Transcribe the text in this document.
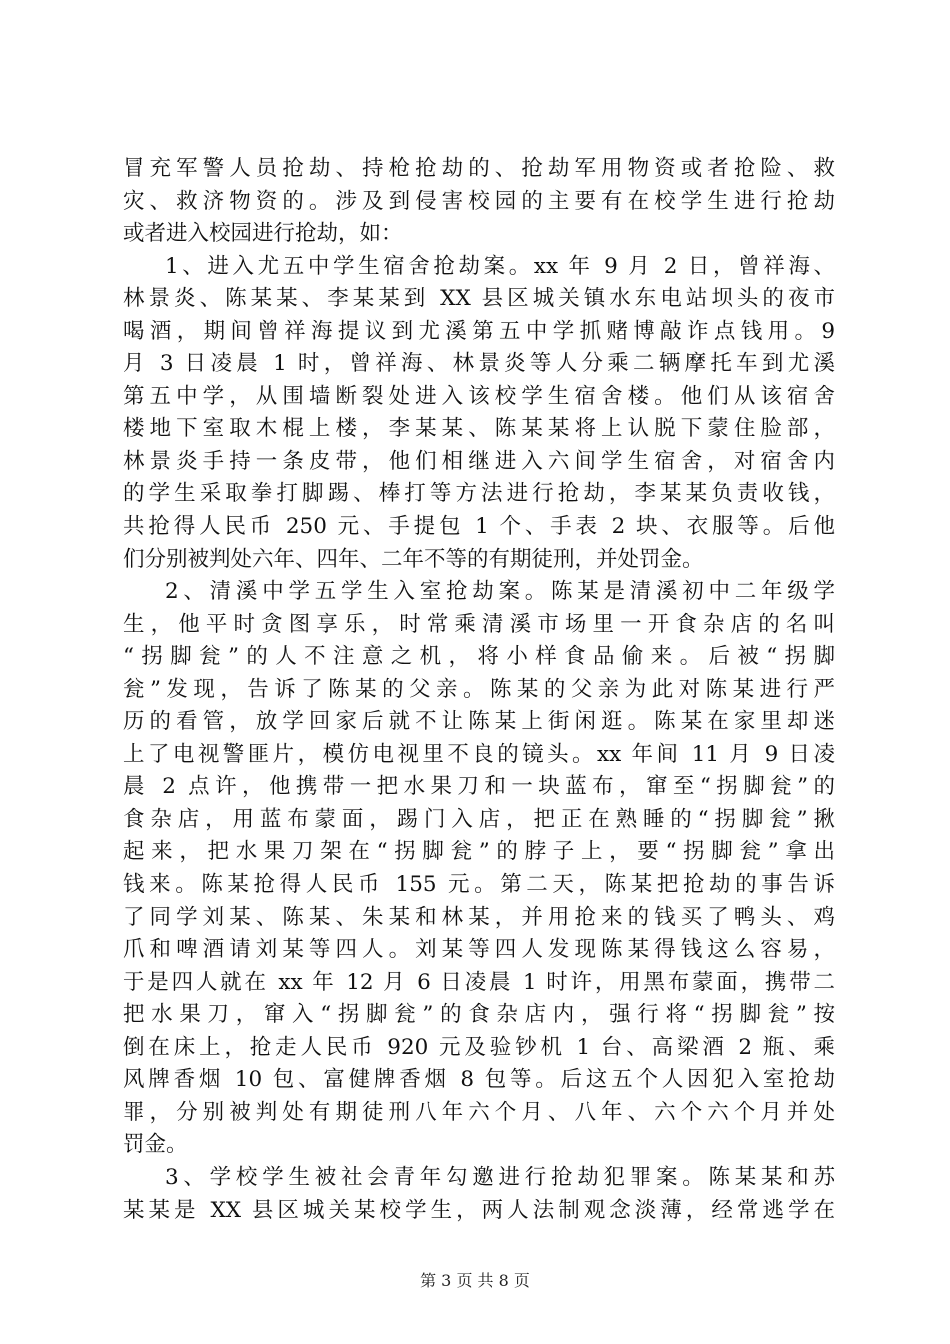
冒充军警人员抢劫、持枪抢劫的、抢劫军用物资或者抢险、救
灾、救济物资的。涉及到侵害校园的主要有在校学生进行抢劫
或者进入校园进行抢劫，如：
1、进入尤五中学生宿舍抢劫案。xx 年 9 月 2 日，曾祥海、
林景炎、陈某某、李某某到 XX 县区城关镇水东电站坝头的夜市
喝酒，期间曾祥海提议到尤溪第五中学抓赌博敲诈点钱用。9
月 3 日凌晨 1 时，曾祥海、林景炎等人分乘二辆摩托车到尤溪
第五中学，从围墙断裂处进入该校学生宿舍楼。他们从该宿舍
楼地下室取木棍上楼，李某某、陈某某将上认脱下蒙住脸部，
林景炎手持一条皮带，他们相继进入六间学生宿舍，对宿舍内
的学生采取拳打脚踢、棒打等方法进行抢劫，李某某负责收钱，
共抢得人民币 250 元、手提包 1 个、手表 2 块、衣服等。后他
们分别被判处六年、四年、二年不等的有期徒刑，并处罚金。
2、清溪中学五学生入室抢劫案。陈某是清溪初中二年级学
生，他平时贪图享乐，时常乘清溪市场里一开食杂店的名叫
“拐脚瓮”的人不注意之机，将小样食品偷来。后被“拐脚
瓮”发现，告诉了陈某的父亲。陈某的父亲为此对陈某进行严
历的看管，放学回家后就不让陈某上街闲逛。陈某在家里却迷
上了电视警匪片，模仿电视里不良的镜头。xx 年间 11 月 9 日凌
晨 2 点许，他携带一把水果刀和一块蓝布，窜至“拐脚瓮”的
食杂店，用蓝布蒙面，踢门入店，把正在熟睡的“拐脚瓮”揪
起来，把水果刀架在“拐脚瓮”的脖子上，要“拐脚瓮”拿出
钱来。陈某抢得人民币 155 元。第二天，陈某把抢劫的事告诉
了同学刘某、陈某、朱某和林某，并用抢来的钱买了鸭头、鸡
爪和啤酒请刘某等四人。刘某等四人发现陈某得钱这么容易，
于是四人就在 xx 年 12 月 6 日凌晨 1 时许，用黑布蒙面，携带二
把水果刀，窜入“拐脚瓮”的食杂店内，强行将“拐脚瓮”按
倒在床上，抢走人民币 920 元及验钞机 1 台、高梁酒 2 瓶、乘
风牌香烟 10 包、富健牌香烟 8 包等。后这五个人因犯入室抢劫
罪，分别被判处有期徒刑八年六个月、八年、六个六个月并处
罚金。
3、学校学生被社会青年勾邀进行抢劫犯罪案。陈某某和苏
某某是 XX 县区城关某校学生，两人法制观念淡薄，经常逃学在
第 3 页 共 8 页
